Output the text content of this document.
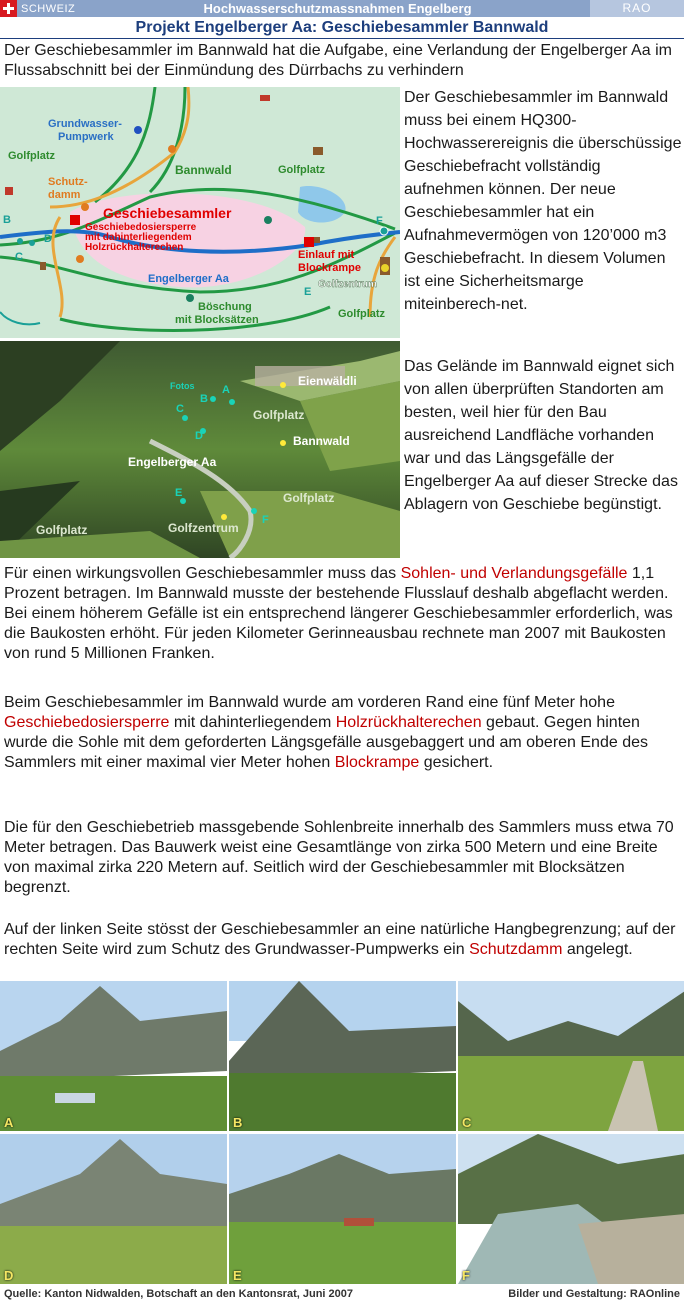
SCHWEIZ	Hochwasserschutzmassnahmen Engelberg	RAO
Projekt Engelberger Aa: Geschiebesammler Bannwald
Der Geschiebesammler im Bannwald hat die Aufgabe, eine Verlandung der Engelberger Aa im Flussabschnitt bei der Einmündung des Dürrbachs zu verhindern
Grundwasser-
Pumpwerk
Golfplatz
Golfplatz
Golfplatz
Schutz-
damm
Bannwald
Geschiebesammler
Geschiebedosiersperre
mit dahinterliegendem
Holzrückhalterechen
Engelberger Aa
Einlauf mit
Blockrampe
Golfzentrum
Böschung
mit Blocksätzen
B
C
D
E
F
Fotos	A
B
C
D
E
F
Eienwäldli
Golfplatz
Bannwald
Engelberger Aa
Golfplatz
Golfplatz	Golfzentrum
Der Geschiebesammler im Bannwald muss bei einem HQ300-Hochwasserereignis die überschüssige Geschiebefracht vollständig aufnehmen können. Der neue Geschiebesammler hat ein Aufnahmevermögen von 120’000 m3 Geschiebefracht. In diesem Volumen ist eine Sicherheitsmarge miteinberech-net.
Das Gelände im Bannwald eignet sich von allen überprüften Standorten am besten, weil hier für den Bau ausreichend Landfläche vorhanden war und das Längsgefälle der Engelberger Aa auf dieser Strecke das Ablagern von Geschiebe begünstigt.

Für einen wirkungsvollen Geschiebesammler muss das Sohlen- und Verlandungsgefälle 1,1 Prozent betragen. Im Bannwald musste der bestehende Flusslauf deshalb abgeflacht werden. Bei einem höherem Gefälle ist ein entsprechend längerer Geschiebesammler erforderlich, was die Baukosten erhöht. Für jeden Kilometer Gerinneausbau rechnete man 2007 mit Baukosten von rund 5 Millionen Franken.

Beim Geschiebesammler im Bannwald wurde am vorderen Rand eine fünf Meter hohe Geschiebedosiersperre mit dahinterliegendem Holzrückhalterechen gebaut. Gegen hinten wurde die Sohle mit dem geforderten Längsgefälle ausgebaggert und am oberen Ende des Sammlers mit einer maximal vier Meter hohen Blockrampe gesichert.

Die für den Geschiebetrieb massgebende Sohlenbreite innerhalb des Sammlers muss etwa 70 Meter betragen. Das Bauwerk weist eine Gesamtlänge von zirka 500 Metern und eine Breite von maximal zirka 220 Metern auf. Seitlich wird der Geschiebesammler mit Blocksätzen begrenzt.

Auf der linken Seite stösst der Geschiebesammler an eine natürliche Hangbegrenzung; auf der rechten Seite wird zum Schutz des Grundwasser-Pumpwerks ein Schutzdamm angelegt.

A	B	C
D	E	F
Quelle: Kanton Nidwalden, Botschaft an den Kantonsrat, Juni 2007	Bilder und Gestaltung: RAOnline
